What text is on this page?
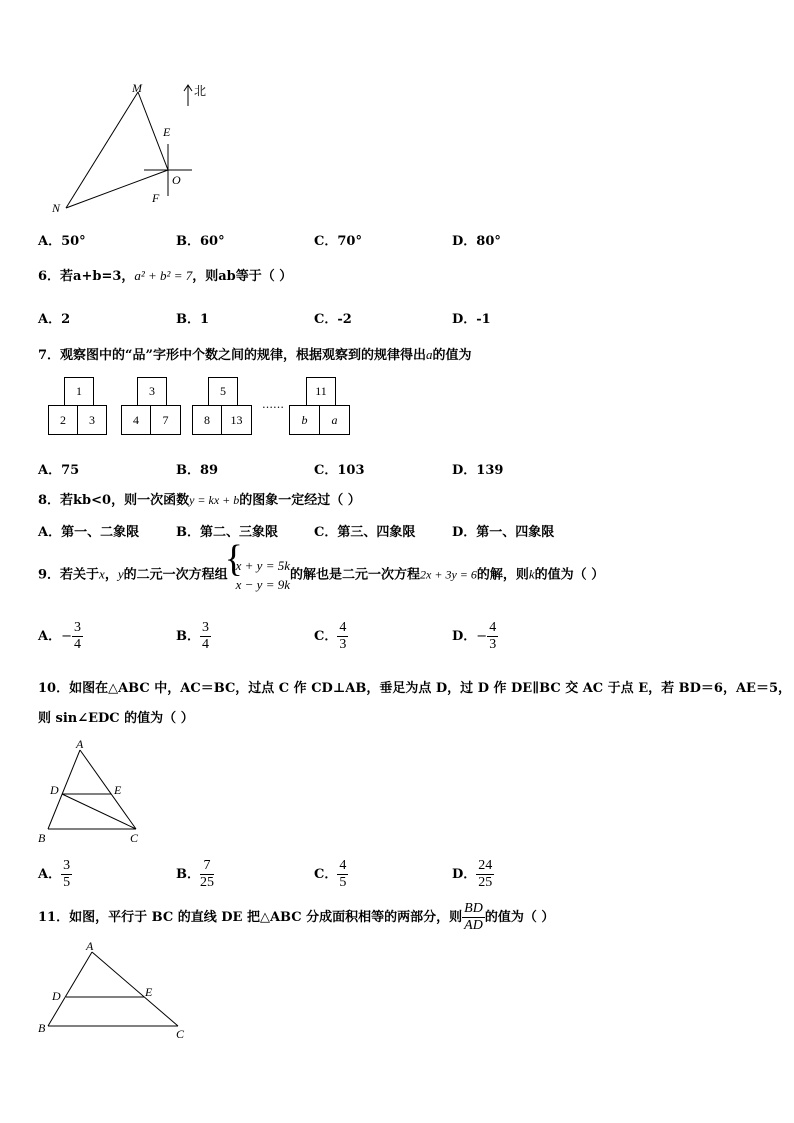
M
E
O
F
N
北
A．50°	B．60°	C．70°	D．80°
6．若a+b=3，a² + b² = 7，则ab等于（ ）
A．2	B．1	C．-2	D．-1
7．观察图中的“品”字形中个数之间的规律，根据观察到的规律得出a的值为
1
2	3
3
4	7
5
8	13
……
11
b	a
A．75	B．89	C．103	D．139
8．若kb<0，则一次函数y = kx + b的图象一定经过（ ）
A．第一、二象限	B．第二、三象限	C．第三、四象限	D．第一、四象限
9．若关于x，y的二元一次方程组
{ x + y = 5k
x − y = 9k
的解也是二元一次方程2x + 3y = 6的解，则k的值为（ ）
A．− $\frac{3}{4}$	B． $\frac{3}{4}$	C． $\frac{4}{3}$	D．− $\frac{4}{3}$
10．如图在△ABC 中，AC＝BC，过点 C 作 CD⊥AB，垂足为点 D，过 D 作 DE∥BC 交 AC 于点 E，若 BD＝6，AE＝5，
则 sin∠EDC 的值为（ ）
A
D	E
B	C
A． $\frac{3}{5}$	B． $\frac{7}{25}$	C． $\frac{4}{5}$	D． $\frac{24}{25}$
11．如图，平行于 BC 的直线 DE 把△ABC 分成面积相等的两部分，则 $\frac{BD}{AD}$ 的值为（ ）
A
D	E
B	C
